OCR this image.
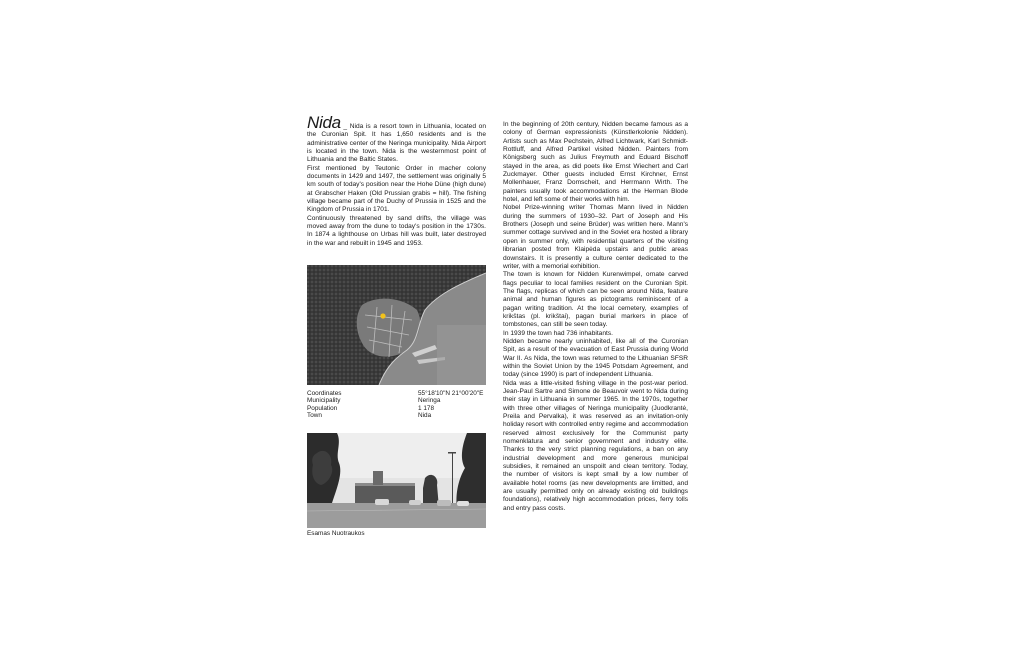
Nida _ Nida is a resort town in Lithuania, located on the Curonian Spit. It has 1,650 residents and is the administrative center of the Neringa municipality. Nida Airport is located in the town. Nida is the westernmost point of Lithuania and the Baltic States.

First mentioned by Teutonic Order in macher colony documents in 1429 and 1497, the settlement was originally 5 km south of today's position near the Hohe Düne (high dune) at Grabscher Haken (Old Prussian grabis = hill). The fishing village became part of the Duchy of Prussia in 1525 and the Kingdom of Prussia in 1701.

Continuously threatened by sand drifts, the village was moved away from the dune to today's position in the 1730s. In 1874 a lighthouse on Urbas hill was built, later destroyed in the war and rebuilt in 1945 and 1953.

Coordinates	55°18'10"N 21°00'20"E
Municipality	Neringa
Population	1 178
Town	Nida
Esamas Nuotraukos

In the beginning of 20th century, Nidden became famous as a colony of German expressionists (Künstlerkolonie Nidden). Artists such as Max Pechstein, Alfred Lichtwark, Karl Schmidt-Rottluff, and Alfred Partikel visited Nidden. Painters from Königsberg such as Julius Freymuth and Eduard Bischoff stayed in the area, as did poets like Ernst Wiechert and Carl Zuckmayer. Other guests included Ernst Kirchner, Ernst Mollenhauer, Franz Domscheit, and Herrmann Wirth. The painters usually took accommodations at the Herman Blode hotel, and left some of their works with him.

Nobel Prize-winning writer Thomas Mann lived in Nidden during the summers of 1930–32. Part of Joseph and His Brothers (Joseph und seine Brüder) was written here. Mann's summer cottage survived and in the Soviet era hosted a library open in summer only, with residential quarters of the visiting librarian posted from Klaipėda upstairs and public areas downstairs. It is presently a culture center dedicated to the writer, with a memorial exhibition.

The town is known for Nidden Kurenwimpel, ornate carved flags peculiar to local families resident on the Curonian Spit. The flags, replicas of which can be seen around Nida, feature animal and human figures as pictograms reminiscent of a pagan writing tradition. At the local cemetery, examples of krikštas (pl. krikštai), pagan burial markers in place of tombstones, can still be seen today.

In 1939 the town had 736 inhabitants.

Nidden became nearly uninhabited, like all of the Curonian Spit, as a result of the evacuation of East Prussia during World War II. As Nida, the town was returned to the Lithuanian SFSR within the Soviet Union by the 1945 Potsdam Agreement, and today (since 1990) is part of independent Lithuania.

Nida was a little-visited fishing village in the post-war period. Jean-Paul Sartre and Simone de Beauvoir went to Nida during their stay in Lithuania in summer 1965. In the 1970s, together with three other villages of Neringa municipality (Juodkrantė, Preila and Pervalka), it was reserved as an invitation-only holiday resort with controlled entry regime and accommodation reserved almost exclusively for the Communist party nomenklatura and senior government and industry elite. Thanks to the very strict planning regulations, a ban on any industrial development and more generous municipal subsidies, it remained an unspoilt and clean territory. Today, the number of visitors is kept small by a low number of available hotel rooms (as new developments are limitted, and are usually permitted only on already existing old buildings foundations), relatively high accommodation prices, ferry tolls and entry pass costs.
